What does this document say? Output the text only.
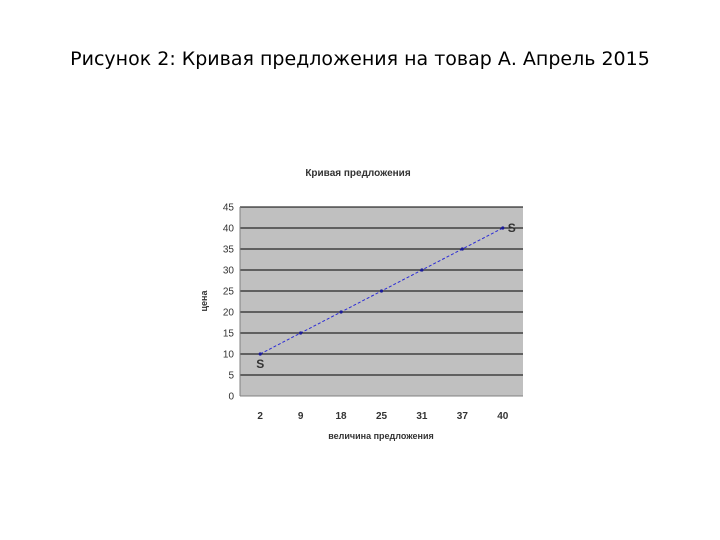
Рисунок 2: Кривая предложения на товар А. Апрель 2015
Кривая предложения
0
5
10
15
20
25
30
35
40
45
2	9	18	25	31	37	40
S
S
цена
величина предложения
